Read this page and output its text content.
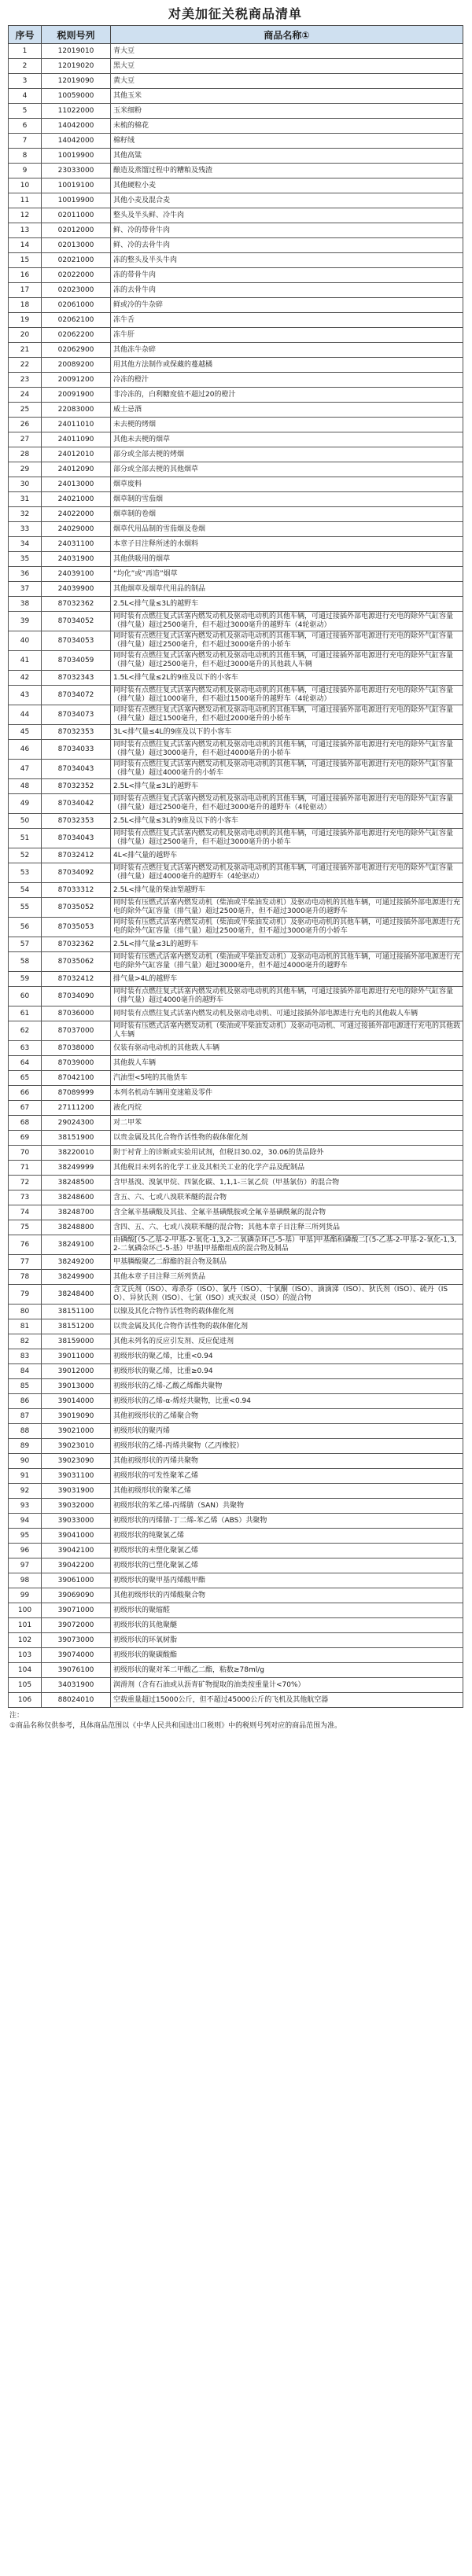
对美加征关税商品清单
序号	税则号列	商品名称①
1	12019010	青大豆
2	12019020	黑大豆
3	12019090	黄大豆
4	10059000	其他玉米
5	11022000	玉米细粉
6	14042000	未梳的棉花
7	14042000	棉籽绒
8	10019900	其他高粱
9	23033000	酿造及蒸馏过程中的糟粕及残渣
10	10019100	其他硬粒小麦
11	10019900	其他小麦及混合麦
12	02011000	整头及半头鲜、冷牛肉
13	02012000	鲜、冷的带骨牛肉
14	02013000	鲜、冷的去骨牛肉
15	02021000	冻的整头及半头牛肉
16	02022000	冻的带骨牛肉
17	02023000	冻的去骨牛肉
18	02061000	鲜或冷的牛杂碎
19	02062100	冻牛舌
20	02062200	冻牛肝
21	02062900	其他冻牛杂碎
22	20089200	用其他方法制作或保藏的蔓越橘
23	20091200	冷冻的橙汁
24	20091900	非冷冻的，白利糖度值不超过20的橙汁
25	22083000	威士忌酒
26	24011010	未去梗的烤烟
27	24011090	其他未去梗的烟草
28	24012010	部分或全部去梗的烤烟
29	24012090	部分或全部去梗的其他烟草
30	24013000	烟草废料
31	24021000	烟草制的雪茄烟
32	24022000	烟草制的卷烟
33	24029000	烟草代用品制的雪茄烟及卷烟
34	24031100	本章子目注释所述的水烟料
35	24031900	其他供吸用的烟草
36	24039100	“均化”或“再造”烟草
37	24039900	其他烟草及烟草代用品的制品
38	87032362	2.5L<排气量≤3L的越野车
39	87034052	同时装有点燃往复式活塞内燃发动机及驱动电动机的其他车辆，可通过接插外部电源进行充电的除外气缸容量（排气量）超过2500毫升，但不超过3000毫升的越野车（4轮驱动）
40	87034053	同时装有点燃往复式活塞内燃发动机及驱动电动机的其他车辆，可通过接插外部电源进行充电的除外气缸容量（排气量）超过2500毫升，但不超过3000毫升的小轿车
41	87034059	同时装有点燃往复式活塞内燃发动机及驱动电动机的其他车辆，可通过接插外部电源进行充电的除外气缸容量（排气量）超过2500毫升，但不超过3000毫升的其他载人车辆
42	87032343	1.5L<排气量≤2L的9座及以下的小客车
43	87034072	同时装有点燃往复式活塞内燃发动机及驱动电动机的其他车辆，可通过接插外部电源进行充电的除外气缸容量（排气量）超过1000毫升，但不超过1500毫升的越野车（4轮驱动）
44	87034073	同时装有点燃往复式活塞内燃发动机及驱动电动机的其他车辆，可通过接插外部电源进行充电的除外气缸容量（排气量）超过1500毫升，但不超过2000毫升的小轿车
45	87032353	3L<排气量≤4L的9座及以下的小客车
46	87034033	同时装有点燃往复式活塞内燃发动机及驱动电动机的其他车辆，可通过接插外部电源进行充电的除外气缸容量（排气量）超过3000毫升，但不超过4000毫升的小轿车
47	87034043	同时装有点燃往复式活塞内燃发动机及驱动电动机的其他车辆，可通过接插外部电源进行充电的除外气缸容量（排气量）超过4000毫升的小轿车
48	87032352	2.5L<排气量≤3L的越野车
49	87034042	同时装有点燃往复式活塞内燃发动机及驱动电动机的其他车辆，可通过接插外部电源进行充电的除外气缸容量（排气量）超过2500毫升，但不超过3000毫升的越野车（4轮驱动）
50	87032353	2.5L<排气量≤3L的9座及以下的小客车
51	87034043	同时装有点燃往复式活塞内燃发动机及驱动电动机的其他车辆，可通过接插外部电源进行充电的除外气缸容量（排气量）超过2500毫升，但不超过3000毫升的小轿车
52	87032412	4L<排气量的越野车
53	87034092	同时装有点燃往复式活塞内燃发动机及驱动电动机的其他车辆，可通过接插外部电源进行充电的除外气缸容量（排气量）超过4000毫升的越野车（4轮驱动）
54	87033312	2.5L<排气量的柴油型越野车
55	87035052	同时装有压燃式活塞内燃发动机（柴油或半柴油发动机）及驱动电动机的其他车辆，可通过接插外部电源进行充电的除外气缸容量（排气量）超过2500毫升，但不超过3000毫升的越野车
56	87035053	同时装有压燃式活塞内燃发动机（柴油或半柴油发动机）及驱动电动机的其他车辆，可通过接插外部电源进行充电的除外气缸容量（排气量）超过2500毫升，但不超过3000毫升的小轿车
57	87032362	2.5L<排气量≤3L的越野车
58	87035062	同时装有压燃式活塞内燃发动机（柴油或半柴油发动机）及驱动电动机的其他车辆，可通过接插外部电源进行充电的除外气缸容量（排气量）超过3000毫升，但不超过4000毫升的越野车
59	87032412	排气量>4L的越野车
60	87034090	同时装有点燃往复式活塞内燃发动机及驱动电动机的其他车辆，可通过接插外部电源进行充电的除外气缸容量（排气量）超过4000毫升的越野车
61	87036000	同时装有点燃往复式活塞内燃发动机及驱动电动机、可通过接插外部电源进行充电的其他载人车辆
62	87037000	同时装有压燃式活塞内燃发动机（柴油或半柴油发动机）及驱动电动机、可通过接插外部电源进行充电的其他载人车辆
63	87038000	仅装有驱动电动机的其他载人车辆
64	87039000	其他载人车辆
65	87042100	汽油型<5吨的其他货车
66	87089999	本列名机动车辆用变速箱及零件
67	27111200	液化丙烷
68	29024300	对二甲苯
69	38151900	以贵金属及其化合物作活性物的载体催化剂
70	38220010	附于衬背上的诊断或实验用试剂，但税目30.02，30.06的货品除外
71	38249999	其他税目未列名的化学工业及其相关工业的化学产品及配制品
72	38248500	含甲基溴、溴氯甲烷、四氯化碳、1,1,1-三氯乙烷（甲基氯仿）的混合物
73	38248600	含五、六、七或八溴联苯醚的混合物
74	38248700	含全氟辛基磺酸及其盐、全氟辛基磺酰胺或全氟辛基磺酰氟的混合物
75	38248800	含四、五、六、七或八溴联苯醚的混合物；其他本章子目注释三所列货品
76	38249100	由磷酸[（5-乙基-2-甲基-2-氧化-1,3,2-二氧磷杂环己-5-基）甲基]甲基酯和磷酸二[（5-乙基-2-甲基-2-氧化-1,3,2-二氧磷杂环己-5-基）甲基]甲基酯组成的混合物及制品
77	38249200	甲基膦酸聚乙二醇酯的混合物及制品
78	38249900	其他本章子目注释三所列货品
79	38248400	含艾氏剂（ISO）、毒杀芬（ISO）、氯丹（ISO）、十氯酮（ISO）、滴滴涕（ISO）、狄氏剂（ISO）、硫丹（ISO）、异狄氏剂（ISO）、七氯（ISO）或灭蚁灵（ISO）的混合物
80	38151100	以镍及其化合物作活性物的载体催化剂
81	38151200	以贵金属及其化合物作活性物的载体催化剂
82	38159000	其他未列名的反应引发剂、反应促进剂
83	39011000	初级形状的聚乙烯，比重<0.94
84	39012000	初级形状的聚乙烯，比重≥0.94
85	39013000	初级形状的乙烯-乙酸乙烯酯共聚物
86	39014000	初级形状的乙烯-α-烯烃共聚物，比重<0.94
87	39019090	其他初级形状的乙烯聚合物
88	39021000	初级形状的聚丙烯
89	39023010	初级形状的乙烯-丙烯共聚物（乙丙橡胶）
90	39023090	其他初级形状的丙烯共聚物
91	39031100	初级形状的可发性聚苯乙烯
92	39031900	其他初级形状的聚苯乙烯
93	39032000	初级形状的苯乙烯-丙烯腈（SAN）共聚物
94	39033000	初级形状的丙烯腈-丁二烯-苯乙烯（ABS）共聚物
95	39041000	初级形状的纯聚氯乙烯
96	39042100	初级形状的未塑化聚氯乙烯
97	39042200	初级形状的已塑化聚氯乙烯
98	39061000	初级形状的聚甲基丙烯酸甲酯
99	39069090	其他初级形状的丙烯酸聚合物
100	39071000	初级形状的聚缩醛
101	39072000	初级形状的其他聚醚
102	39073000	初级形状的环氧树脂
103	39074000	初级形状的聚碳酸酯
104	39076100	初级形状的聚对苯二甲酸乙二酯，粘数≥78ml/g
105	34031900	润滑剂（含有石油或从沥青矿物提取的油类按重量计<70%）
106	88024010	空载重量超过15000公斤，但不超过45000公斤的飞机及其他航空器
注：
①商品名称仅供参考，具体商品范围以《中华人民共和国进出口税则》中的税则号列对应的商品范围为准。
